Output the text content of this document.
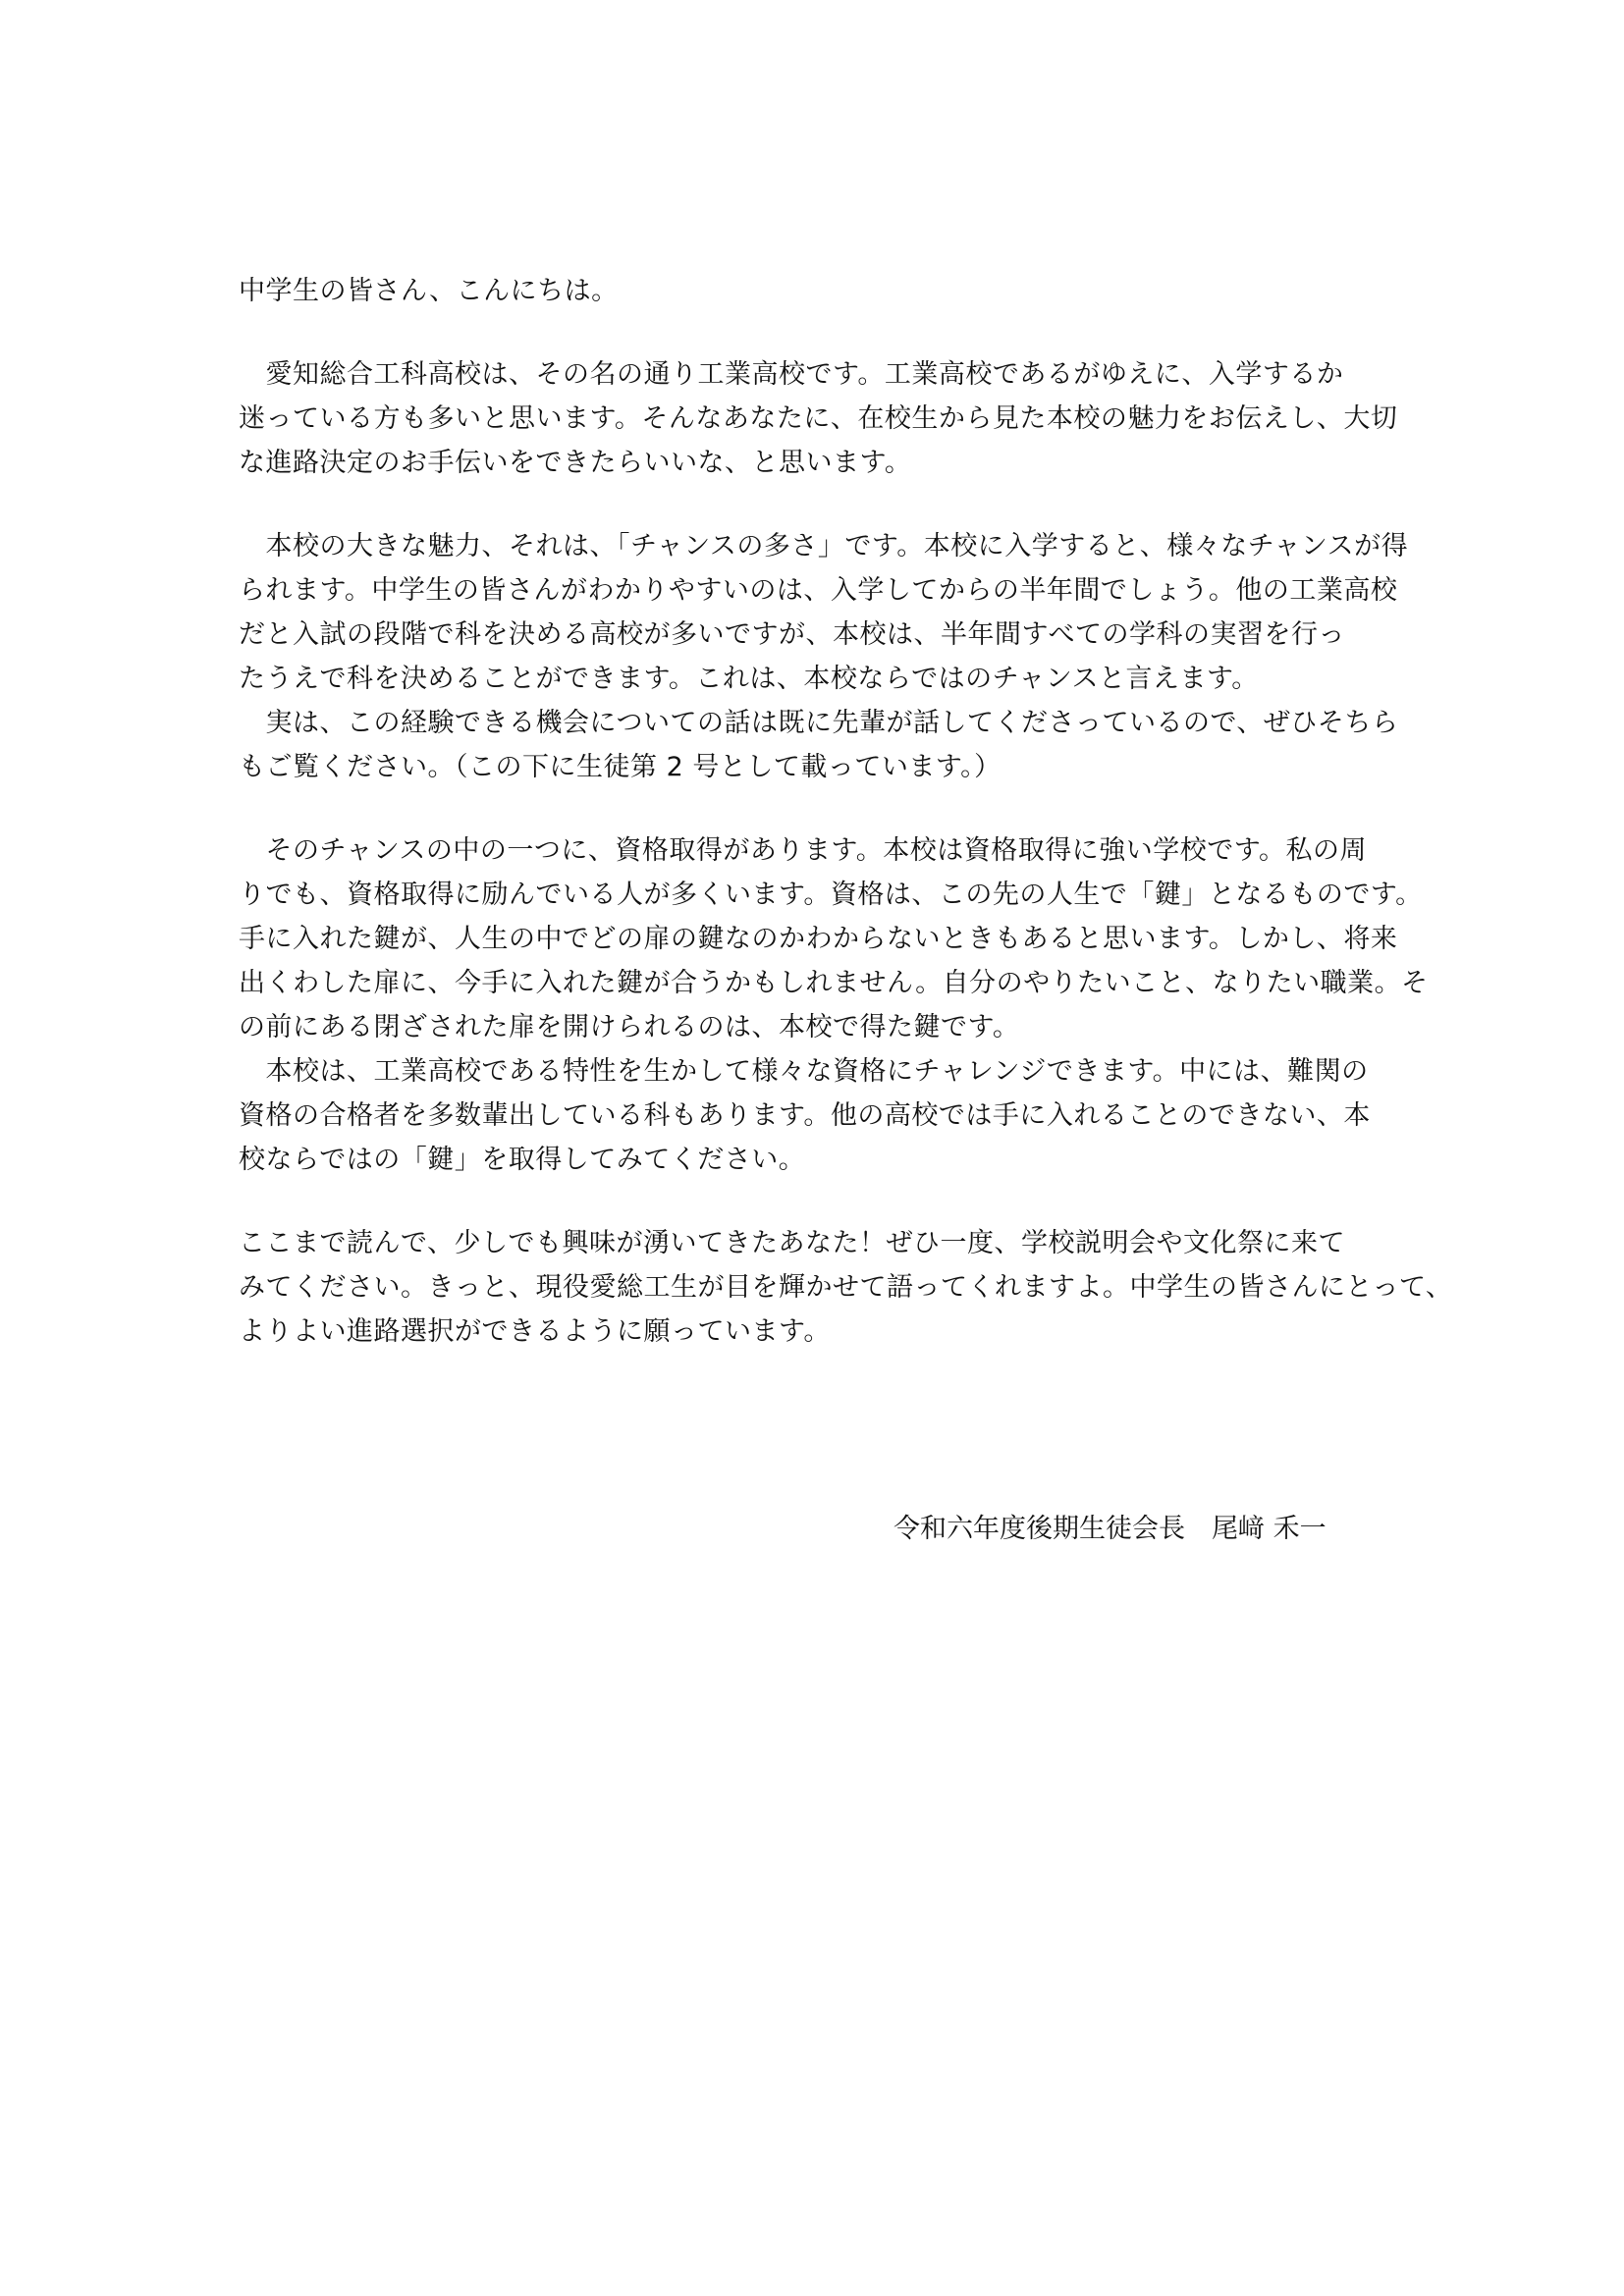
中学生の皆さん、こんにちは。
　愛知総合工科高校は、その名の通り工業高校です。工業高校であるがゆえに、入学するか
迷っている方も多いと思います。そんなあなたに、在校生から見た本校の魅力をお伝えし、大切
な進路決定のお手伝いをできたらいいな、と思います。
　本校の大きな魅力、それは、「チャンスの多さ」です。本校に入学すると、様々なチャンスが得
られます。中学生の皆さんがわかりやすいのは、入学してからの半年間でしょう。他の工業高校
だと入試の段階で科を決める高校が多いですが、本校は、半年間すべての学科の実習を行っ
たうえで科を決めることができます。これは、本校ならではのチャンスと言えます。
　実は、この経験できる機会についての話は既に先輩が話してくださっているので、ぜひそちら
もご覧ください。（この下に生徒第 2 号として載っています。）
　そのチャンスの中の一つに、資格取得があります。本校は資格取得に強い学校です。私の周
りでも、資格取得に励んでいる人が多くいます。資格は、この先の人生で「鍵」となるものです。
手に入れた鍵が、人生の中でどの扉の鍵なのかわからないときもあると思います。しかし、将来
出くわした扉に、今手に入れた鍵が合うかもしれません。自分のやりたいこと、なりたい職業。そ
の前にある閉ざされた扉を開けられるのは、本校で得た鍵です。
　本校は、工業高校である特性を生かして様々な資格にチャレンジできます。中には、難関の
資格の合格者を多数輩出している科もあります。他の高校では手に入れることのできない、本
校ならではの「鍵」を取得してみてください。
ここまで読んで、少しでも興味が湧いてきたあなた！ぜひ一度、学校説明会や文化祭に来て
みてください。きっと、現役愛総工生が目を輝かせて語ってくれますよ。中学生の皆さんにとって、
よりよい進路選択ができるように願っています。
令和六年度後期生徒会長　尾﨑 禾一
